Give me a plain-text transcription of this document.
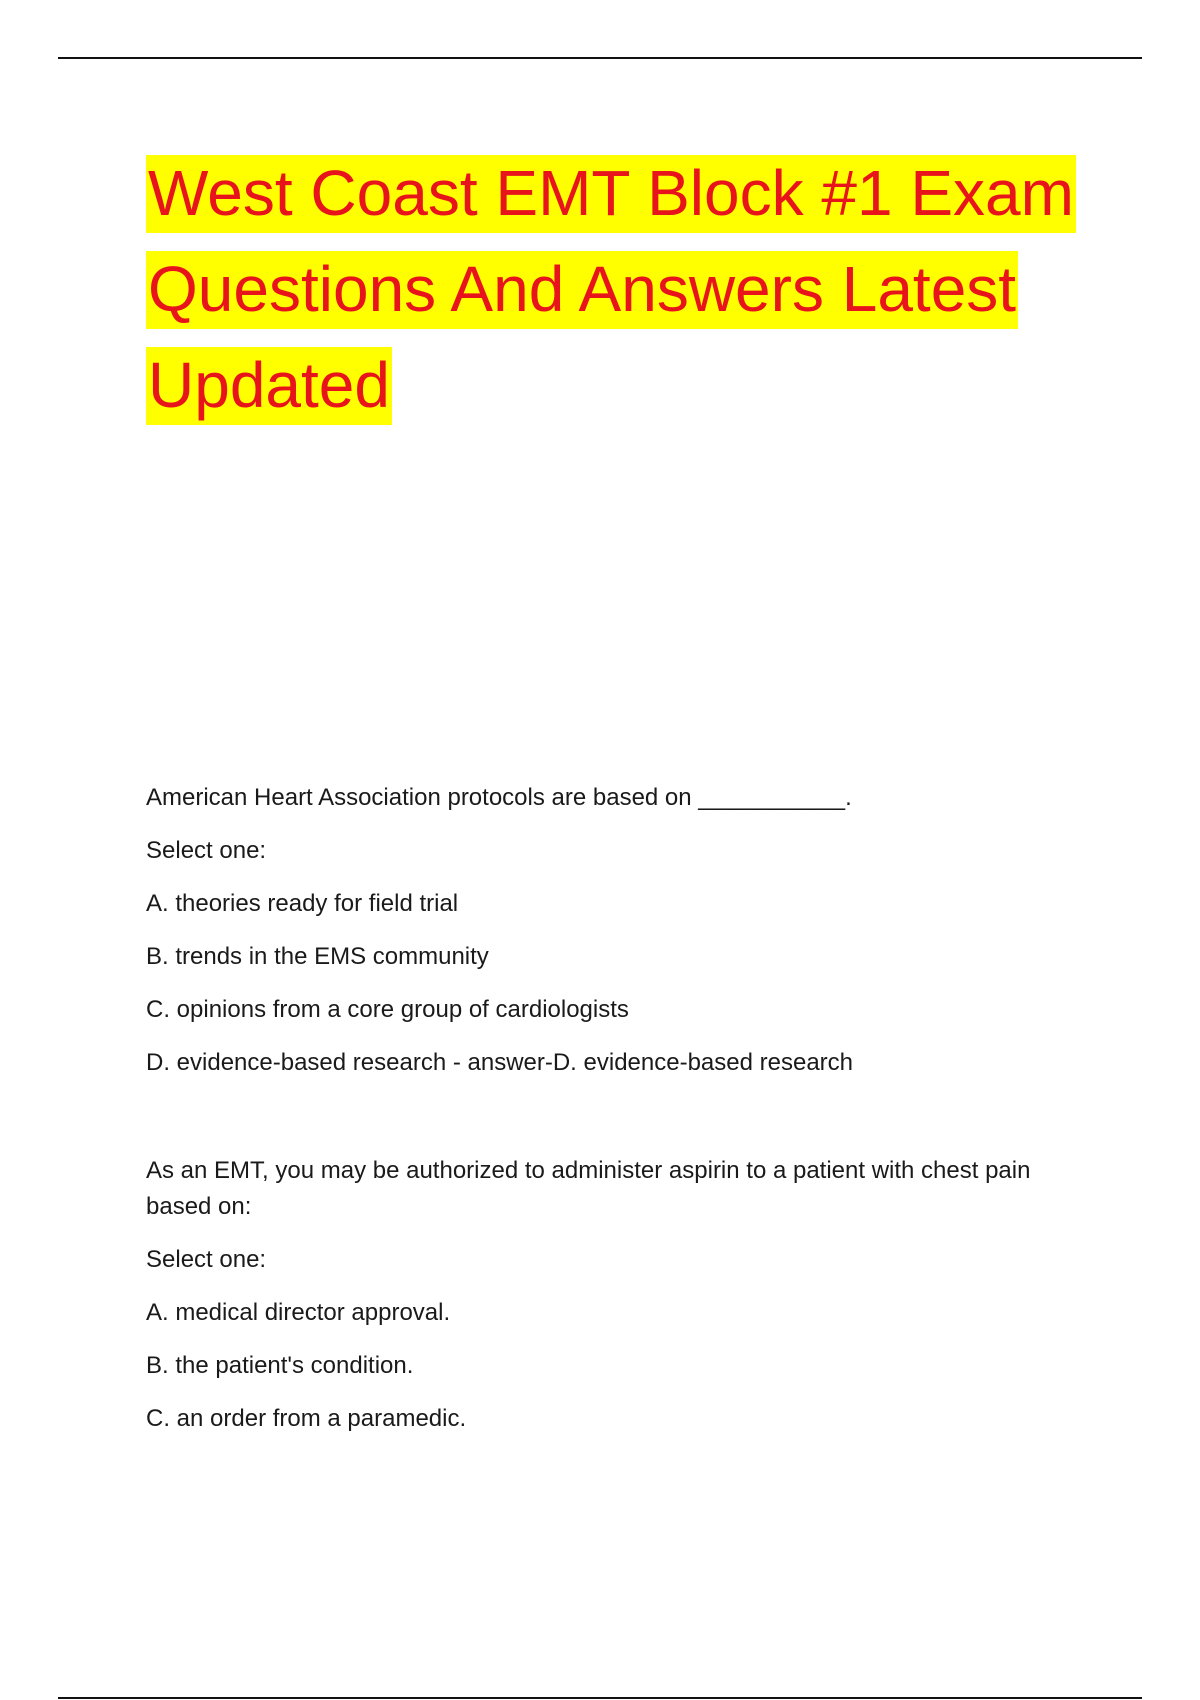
West Coast EMT Block #1 Exam
Questions And Answers Latest
Updated

American Heart Association protocols are based on ___________.

Select one:
A. theories ready for field trial
B. trends in the EMS community
C. opinions from a core group of cardiologists
D. evidence-based research - answer-D. evidence-based research

As an EMT, you may be authorized to administer aspirin to a patient with chest pain based on:

Select one:
A. medical director approval.
B. the patient's condition.
C. an order from a paramedic.
